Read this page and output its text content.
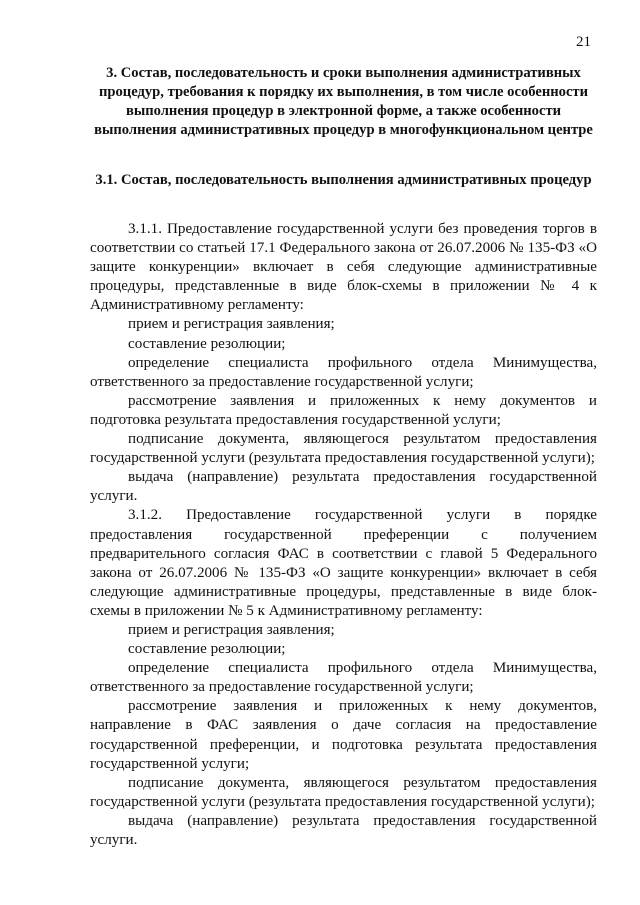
21
3. Состав, последовательность и сроки выполнения административных процедур, требования к порядку их выполнения, в том числе особенности выполнения процедур в электронной форме, а также особенности выполнения административных процедур в многофункциональном центре
3.1. Состав, последовательность выполнения административных процедур

3.1.1. Предоставление государственной услуги без проведения торгов в соответствии со статьей 17.1 Федерального закона от 26.07.2006 № 135-ФЗ «О защите конкуренции» включает в себя следующие административные процедуры, представленные в виде блок-схемы в приложении № 4 к Административному регламенту:

прием и регистрация заявления;

составление резолюции;

определение специалиста профильного отдела Минимущества, ответственного за предоставление государственной услуги;

рассмотрение заявления и приложенных к нему документов и подготовка результата предоставления государственной услуги;

подписание документа, являющегося результатом предоставления государственной услуги (результата предоставления государственной услуги);

выдача (направление) результата предоставления государственной услуги.

3.1.2. Предоставление государственной услуги в порядке предоставления государственной преференции с получением предварительного согласия ФАС в соответствии с главой 5 Федерального закона от 26.07.2006 № 135-ФЗ «О защите конкуренции» включает в себя следующие административные процедуры, представленные в виде блок-схемы в приложении № 5 к Административному регламенту:

прием и регистрация заявления;

составление резолюции;

определение специалиста профильного отдела Минимущества, ответственного за предоставление государственной услуги;

рассмотрение заявления и приложенных к нему документов, направление в ФАС заявления о даче согласия на предоставление государственной преференции, и подготовка результата предоставления государственной услуги;

подписание документа, являющегося результатом предоставления государственной услуги (результата предоставления государственной услуги);

выдача (направление) результата предоставления государственной услуги.
